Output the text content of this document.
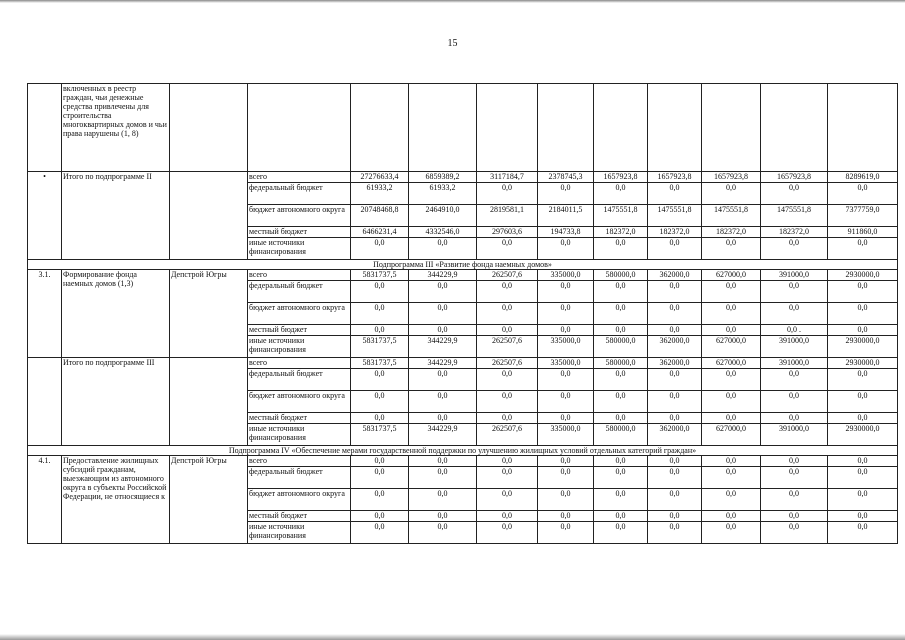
15
	включенных в реестр граждан, чьи денежные средства привлечены для строительства многоквартирных домов и чьи права нарушены (1, 8)											
•	Итого по подпрограмме II		всего	27276633,4	6859389,2	3117184,7	2378745,3	1657923,8	1657923,8	1657923,8	1657923,8	8289619,0
			федеральный бюджет	61933,2	61933,2	0,0	0,0	0,0	0,0	0,0	0,0	0,0
			бюджет автономного округа	20748468,8	2464910,0	2819581,1	2184011,5	1475551,8	1475551,8	1475551,8	1475551,8	7377759,0
			местный бюджет	6466231,4	4332546,0	297603,6	194733,8	182372,0	182372,0	182372,0	182372,0	911860,0
			иные источники финансирования	0,0	0,0	0,0	0,0	0,0	0,0	0,0	0,0	0,0
Подпрограмма III «Развитие фонда наемных домов»												
3.1.	Формирование фонда наемных домов (1,3)	Депстрой Югры	всего	5831737,5	344229,9	262507,6	335000,0	580000,0	362000,0	627000,0	391000,0	2930000,0
			федеральный бюджет	0,0	0,0	0,0	0,0	0,0	0,0	0,0	0,0	0,0
			бюджет автономного округа	0,0	0,0	0,0	0,0	0,0	0,0	0,0	0,0	0,0
			местный бюджет	0,0	0,0	0,0	0,0	0,0	0,0	0,0	0,0 .	0,0
			иные источники финансирования	5831737,5	344229,9	262507,6	335000,0	580000,0	362000,0	627000,0	391000,0	2930000,0
	Итого по подпрограмме III		всего	5831737,5	344229,9	262507,6	335000,0	580000,0	362000,0	627000,0	391000,0	2930000,0
			федеральный бюджет	0,0	0,0	0,0	0,0	0,0	0,0	0,0	0,0	0,0
			бюджет автономного округа	0,0	0,0	0,0	0,0	0,0	0,0	0,0	0,0	0,0
			местный бюджет	0,0	0,0	0,0	0,0	0,0	0,0	0,0	0,0	0,0
			иные источники финансирования	5831737,5	344229,9	262507,6	335000,0	580000,0	362000,0	627000,0	391000,0	2930000,0
Подпрограмма IV «Обеспечение мерами государственной поддержки по улучшению жилищных условий отдельных категорий граждан»												
4.1.	Предоставление жилищных субсидий гражданам, выезжающим из автономного округа в субъекты Российской Федерации, не относящиеся к	Депстрой Югры	всего	0,0	0,0	0,0	0,0	0,0	0,0	0,0	0,0	0,0
			федеральный бюджет	0,0	0,0	0,0	0,0	0,0	0,0	0,0	0,0	0,0
			бюджет автономного округа	0,0	0,0	0,0	0,0	0,0	0,0	0,0	0,0	0,0
			местный бюджет	0,0	0,0	0,0	0,0	0,0	0,0	0,0	0,0	0,0
			иные источники финансирования	0,0	0,0	0,0	0,0	0,0	0,0	0,0	0,0	0,0
